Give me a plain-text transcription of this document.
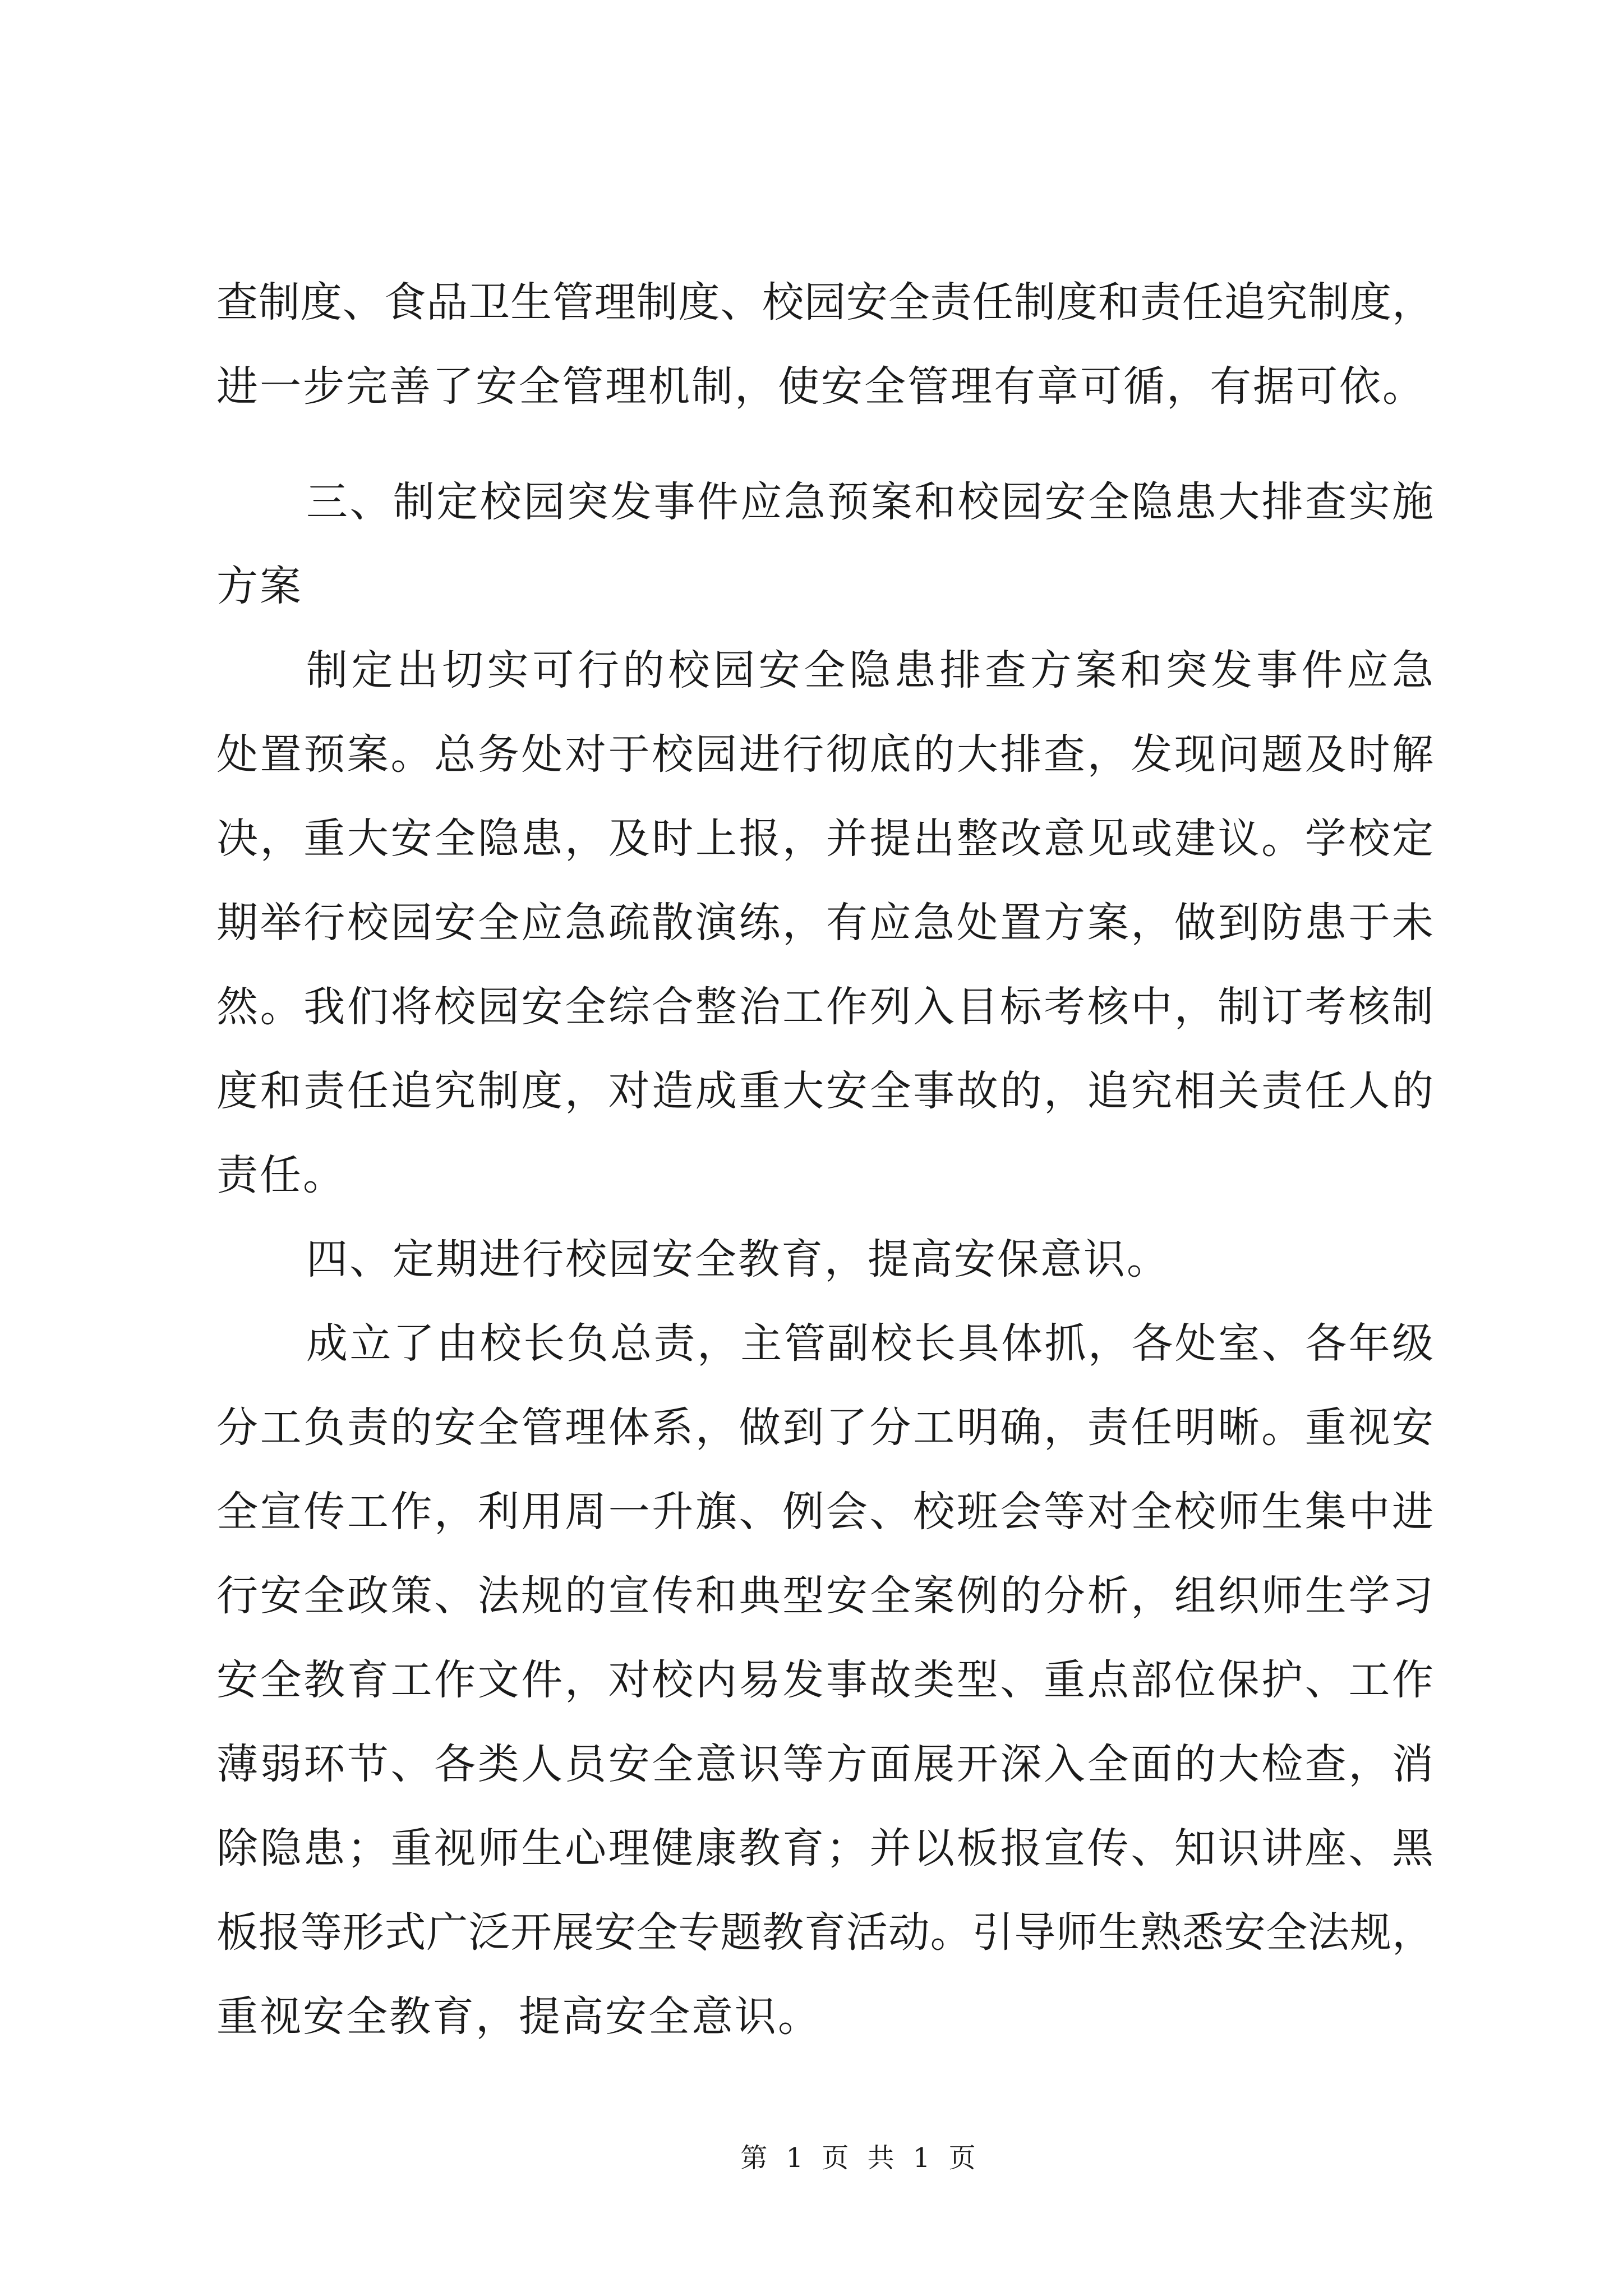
查制度、食品卫生管理制度、校园安全责任制度和责任追究制度，
进一步完善了安全管理机制，使安全管理有章可循，有据可依。
三、制定校园突发事件应急预案和校园安全隐患大排查实施
方案
制定出切实可行的校园安全隐患排查方案和突发事件应急
处置预案。总务处对于校园进行彻底的大排查，发现问题及时解
决，重大安全隐患，及时上报，并提出整改意见或建议。学校定
期举行校园安全应急疏散演练，有应急处置方案，做到防患于未
然。我们将校园安全综合整治工作列入目标考核中，制订考核制
度和责任追究制度，对造成重大安全事故的，追究相关责任人的
责任。
四、定期进行校园安全教育，提高安保意识。
成立了由校长负总责，主管副校长具体抓，各处室、各年级
分工负责的安全管理体系，做到了分工明确，责任明晰。重视安
全宣传工作，利用周一升旗、例会、校班会等对全校师生集中进
行安全政策、法规的宣传和典型安全案例的分析，组织师生学习
安全教育工作文件，对校内易发事故类型、重点部位保护、工作
薄弱环节、各类人员安全意识等方面展开深入全面的大检查，消
除隐患；重视师生心理健康教育；并以板报宣传、知识讲座、黑
板报等形式广泛开展安全专题教育活动。引导师生熟悉安全法规，
重视安全教育，提高安全意识。
第 1 页 共 1 页
